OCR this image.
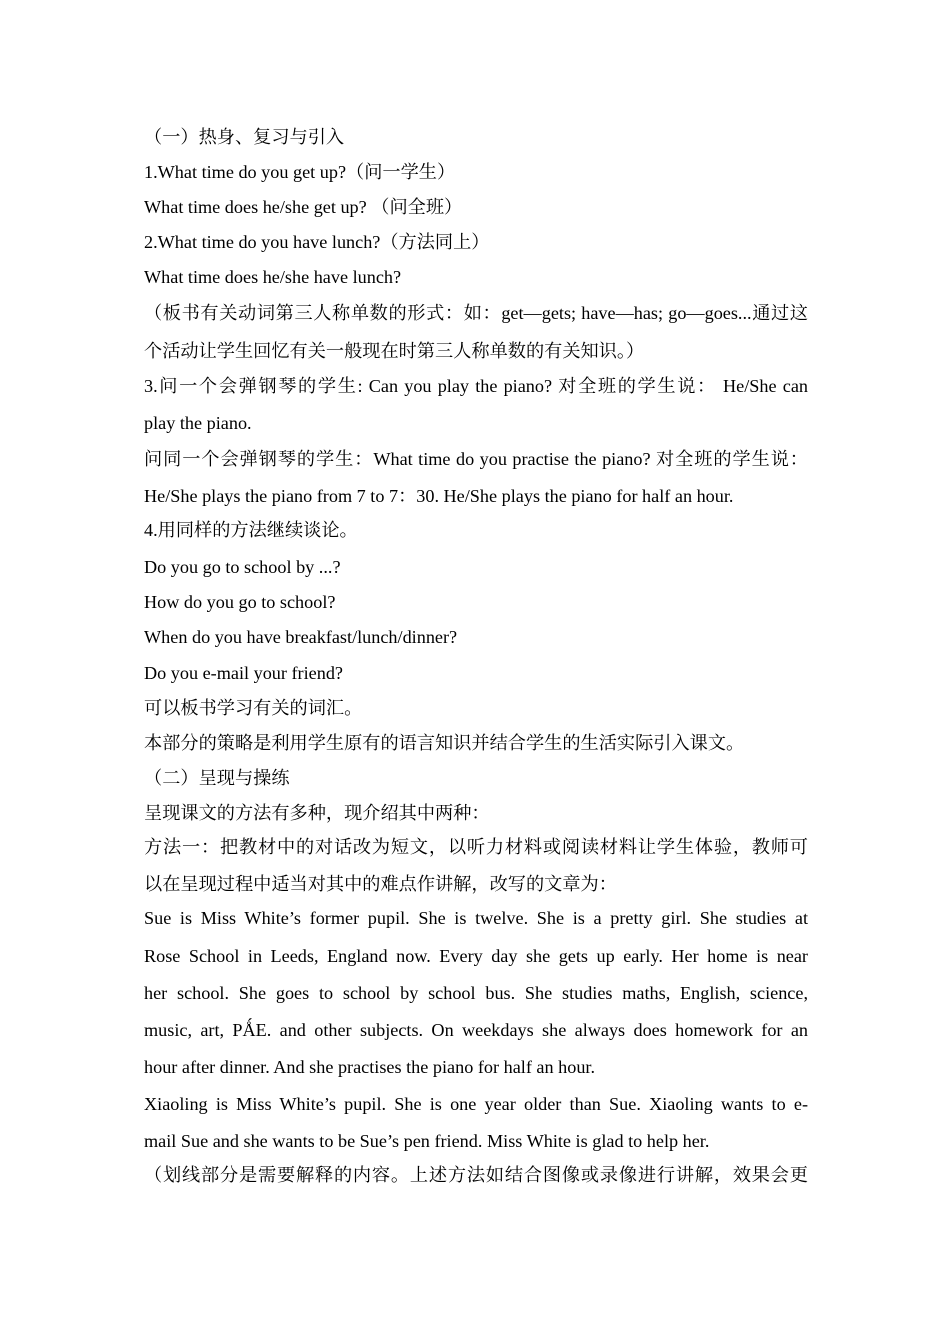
（一）热身、复习与引入
1.What time do you get up?（问一学生）
What time does he/she get up? （问全班）
2.What time do you have lunch?（方法同上）
What time does he/she have lunch?
（板书有关动词第三人称单数的形式：如：get—gets; have—has; go—goes...通过这
个活动让学生回忆有关一般现在时第三人称单数的有关知识。）
3.问一个会弹钢琴的学生: Can you play the piano? 对全班的学生说： He/She can
play the piano.
问同一个会弹钢琴的学生：What time do you practise the piano? 对全班的学生说：
He/She plays the piano from 7 to 7：30. He/She plays the piano for half an hour.
4.用同样的方法继续谈论。
Do you go to school by ...?
How do you go to school?
When do you have breakfast/lunch/dinner?
Do you e-mail your friend?
可以板书学习有关的词汇。
本部分的策略是利用学生原有的语言知识并结合学生的生活实际引入课文。
（二）呈现与操练
呈现课文的方法有多种，现介绍其中两种：
方法一：把教材中的对话改为短文，以听力材料或阅读材料让学生体验，教师可
以在呈现过程中适当对其中的难点作讲解，改写的文章为：
Sue is Miss White’s former pupil. She is twelve. She is a pretty girl. She studies at
Rose School in Leeds, England now. Every day she gets up early. Her home is near
her school. She goes to school by school bus. She studies maths, English, science,
music, art, PǺE. and other subjects. On weekdays she always does homework for an
hour after dinner. And she practises the piano for half an hour.
Xiaoling is Miss White’s pupil. She is one year older than Sue. Xiaoling wants to e-
mail Sue and she wants to be Sue’s pen friend. Miss White is glad to help her.
（划线部分是需要解释的内容。上述方法如结合图像或录像进行讲解，效果会更
